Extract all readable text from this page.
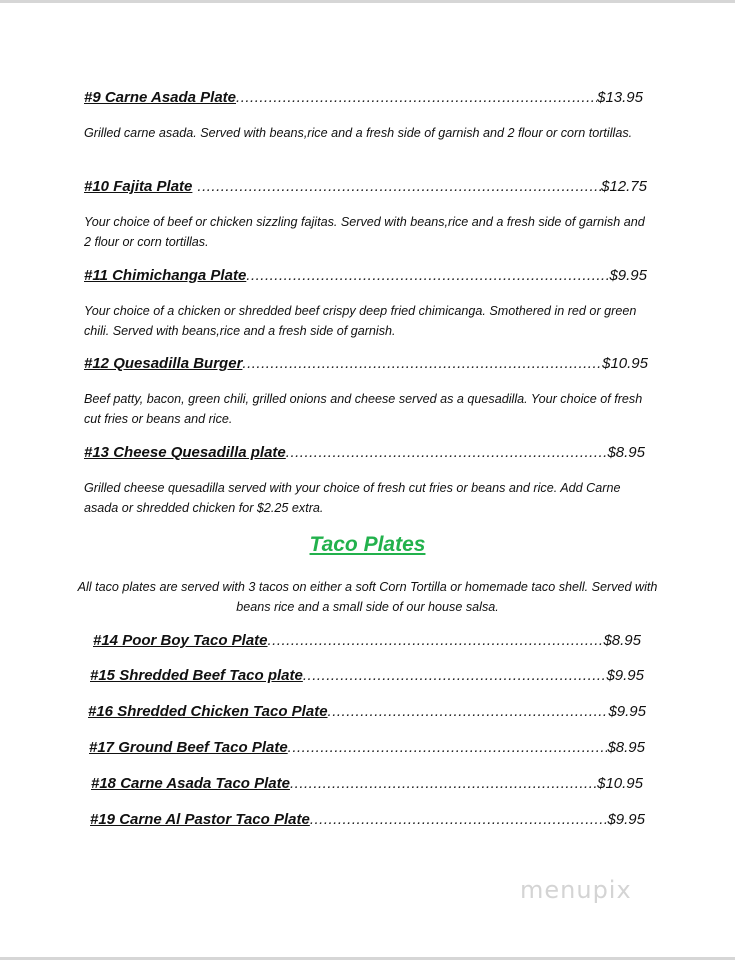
#9 Carne Asada Plate .....	$13.95
Grilled carne asada. Served with beans,rice and a fresh side of garnish and 2 flour or corn tortillas.
#10 Fajita Plate .....	$12.75
Your choice of beef or chicken sizzling fajitas. Served with beans,rice and a fresh side of garnish and 2 flour or corn tortillas.
#11 Chimichanga Plate .....	$9.95
Your choice of a chicken or shredded beef crispy deep fried chimicanga. Smothered in red or green chili. Served with beans,rice and a fresh side of garnish.
#12 Quesadilla Burger .....	$10.95
Beef patty, bacon, green chili, grilled onions and cheese served as a quesadilla. Your choice of fresh cut fries or beans and rice.
#13 Cheese Quesadilla plate .....	$8.95
Grilled cheese quesadilla served with your choice of fresh cut fries or beans and rice. Add Carne asada or shredded chicken for $2.25 extra.
Taco Plates
All taco plates are served with 3 tacos on either a soft Corn Tortilla or homemade taco shell. Served with beans rice and a small side of our house salsa.
#14 Poor Boy Taco Plate .....	$8.95
#15 Shredded Beef Taco plate .....	$9.95
#16 Shredded Chicken Taco Plate .....	$9.95
#17 Ground Beef Taco Plate .....	$8.95
#18 Carne Asada Taco Plate .....	$10.95
#19 Carne Al Pastor Taco Plate .....	$9.95
menupix
